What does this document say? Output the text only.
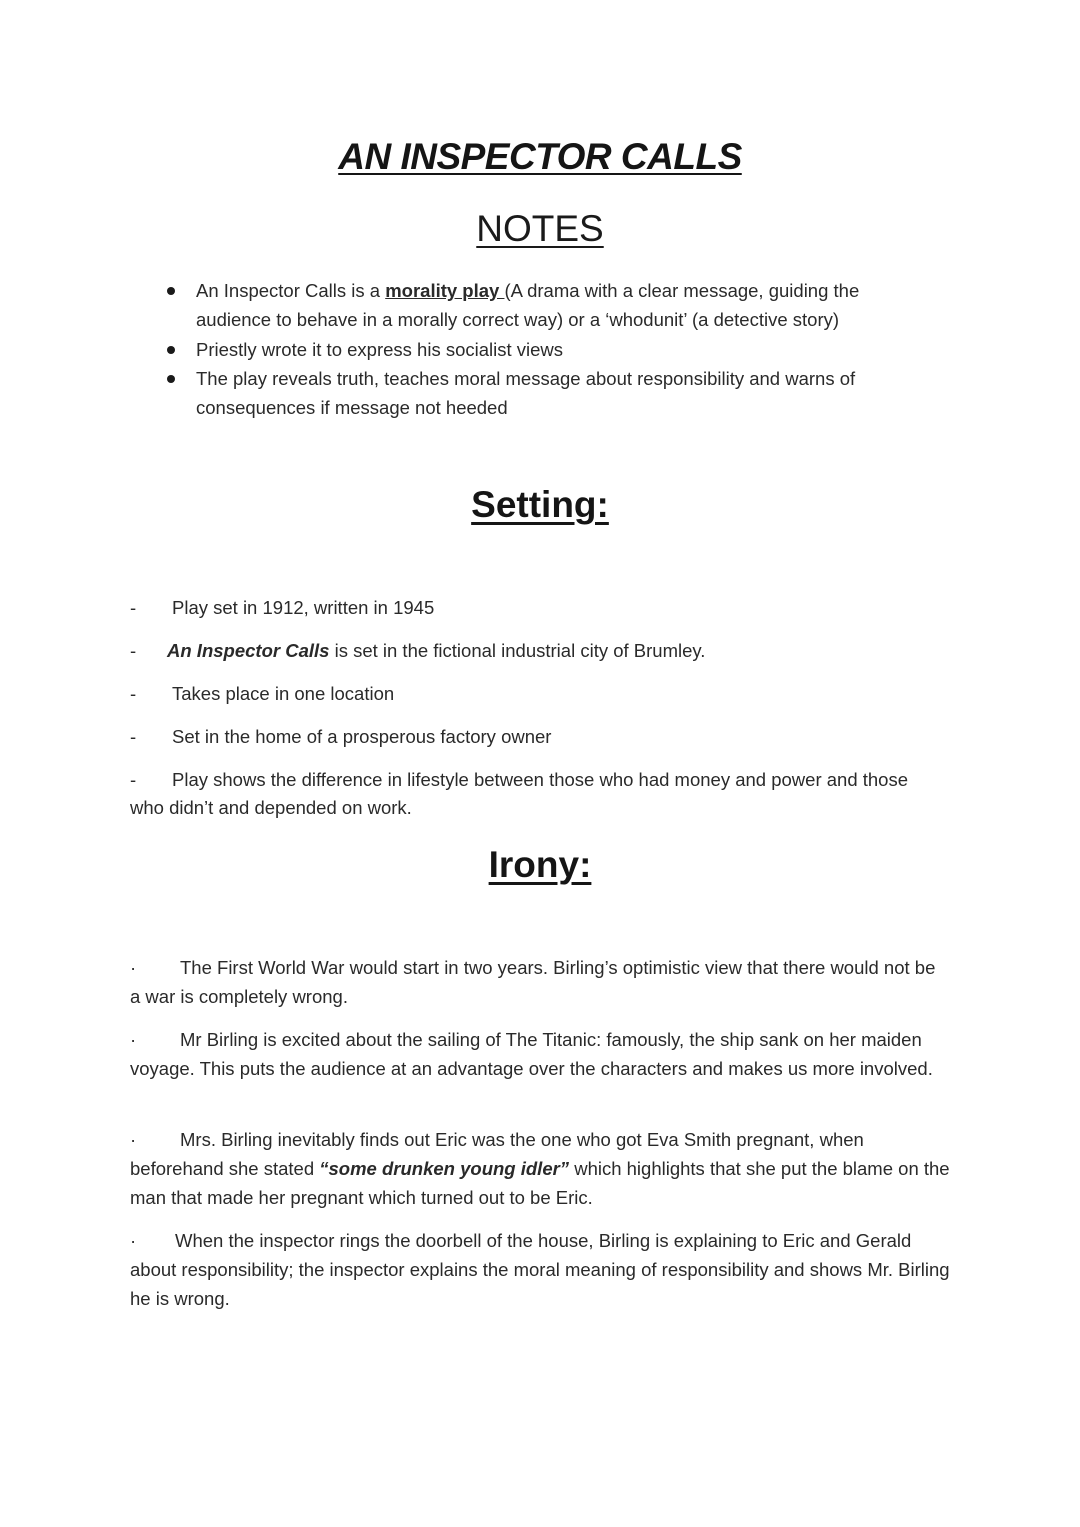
AN INSPECTOR CALLS
NOTES
An Inspector Calls is a morality play (A drama with a clear message, guiding the audience to behave in a morally correct way) or a ‘whodunit’ (a detective story)
Priestly wrote it to express his socialist views
The play reveals truth, teaches moral message about responsibility and warns of consequences if message not heeded
Setting:
- Play set in 1912, written in 1945
- An Inspector Calls is set in the fictional industrial city of Brumley.
- Takes place in one location
- Set in the home of a prosperous factory owner
- Play shows the difference in lifestyle between those who had money and power and those who didn’t and depended on work.
Irony:
· The First World War would start in two years. Birling’s optimistic view that there would not be a war is completely wrong.
· Mr Birling is excited about the sailing of The Titanic: famously, the ship sank on her maiden voyage. This puts the audience at an advantage over the characters and makes us more involved.
· Mrs. Birling inevitably finds out Eric was the one who got Eva Smith pregnant, when beforehand she stated “some drunken young idler” which highlights that she put the blame on the man that made her pregnant which turned out to be Eric.
· When the inspector rings the doorbell of the house, Birling is explaining to Eric and Gerald about responsibility; the inspector explains the moral meaning of responsibility and shows Mr. Birling he is wrong.
